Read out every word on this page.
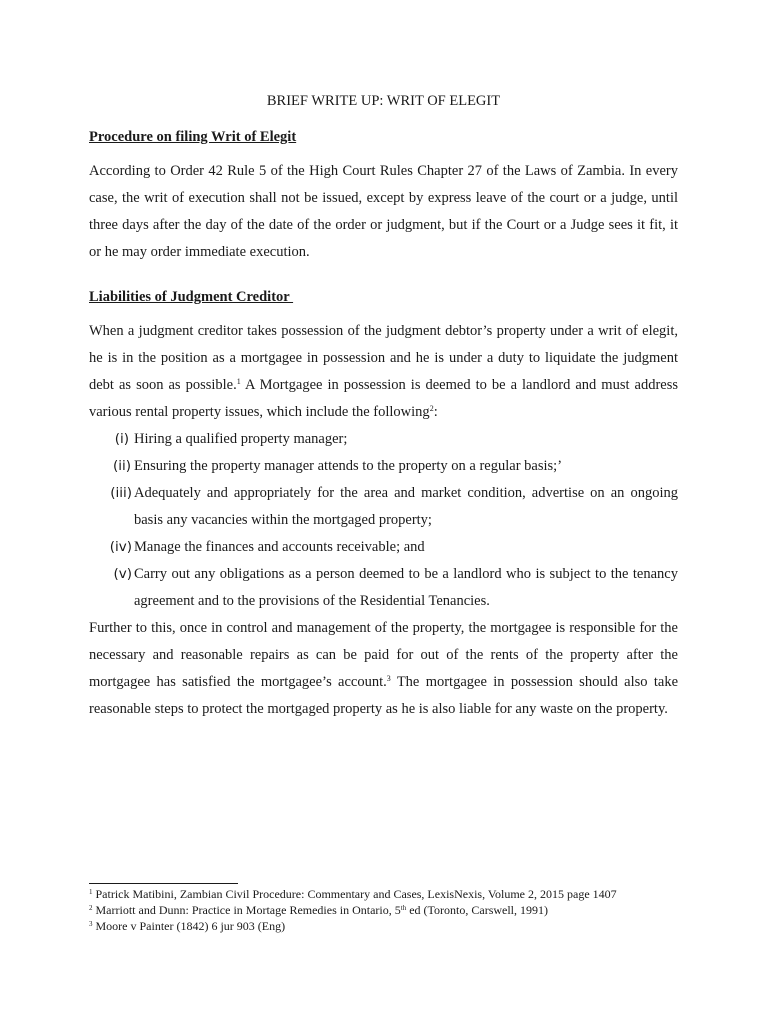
BRIEF WRITE UP: WRIT OF ELEGIT
Procedure on filing Writ of Elegit
According to Order 42 Rule 5 of the High Court Rules Chapter 27 of the Laws of Zambia. In every case, the writ of execution shall not be issued, except by express leave of the court or a judge, until three days after the day of the date of the order or judgment, but if the Court or a Judge sees it fit, it or he may order immediate execution.
Liabilities of Judgment Creditor
When a judgment creditor takes possession of the judgment debtor’s property under a writ of elegit, he is in the position as a mortgagee in possession and he is under a duty to liquidate the judgment debt as soon as possible.$^1$ A Mortgagee in possession is deemed to be a landlord and must address various rental property issues, which include the following$^2$:
(i) Hiring a qualified property manager;
(ii) Ensuring the property manager attends to the property on a regular basis;’
(iii) Adequately and appropriately for the area and market condition, advertise on an ongoing basis any vacancies within the mortgaged property;
(iv) Manage the finances and accounts receivable; and
(v) Carry out any obligations as a person deemed to be a landlord who is subject to the tenancy agreement and to the provisions of the Residential Tenancies.
Further to this, once in control and management of the property, the mortgagee is responsible for the necessary and reasonable repairs as can be paid for out of the rents of the property after the mortgagee has satisfied the mortgagee’s account.$^3$ The mortgagee in possession should also take reasonable steps to protect the mortgaged property as he is also liable for any waste on the property.
$^1$ Patrick Matibini, Zambian Civil Procedure: Commentary and Cases, LexisNexis, Volume 2, 2015 page 1407
$^2$ Marriott and Dunn: Practice in Mortage Remedies in Ontario, 5th ed (Toronto, Carswell, 1991)
$^3$ Moore v Painter (1842) 6 jur 903 (Eng)
